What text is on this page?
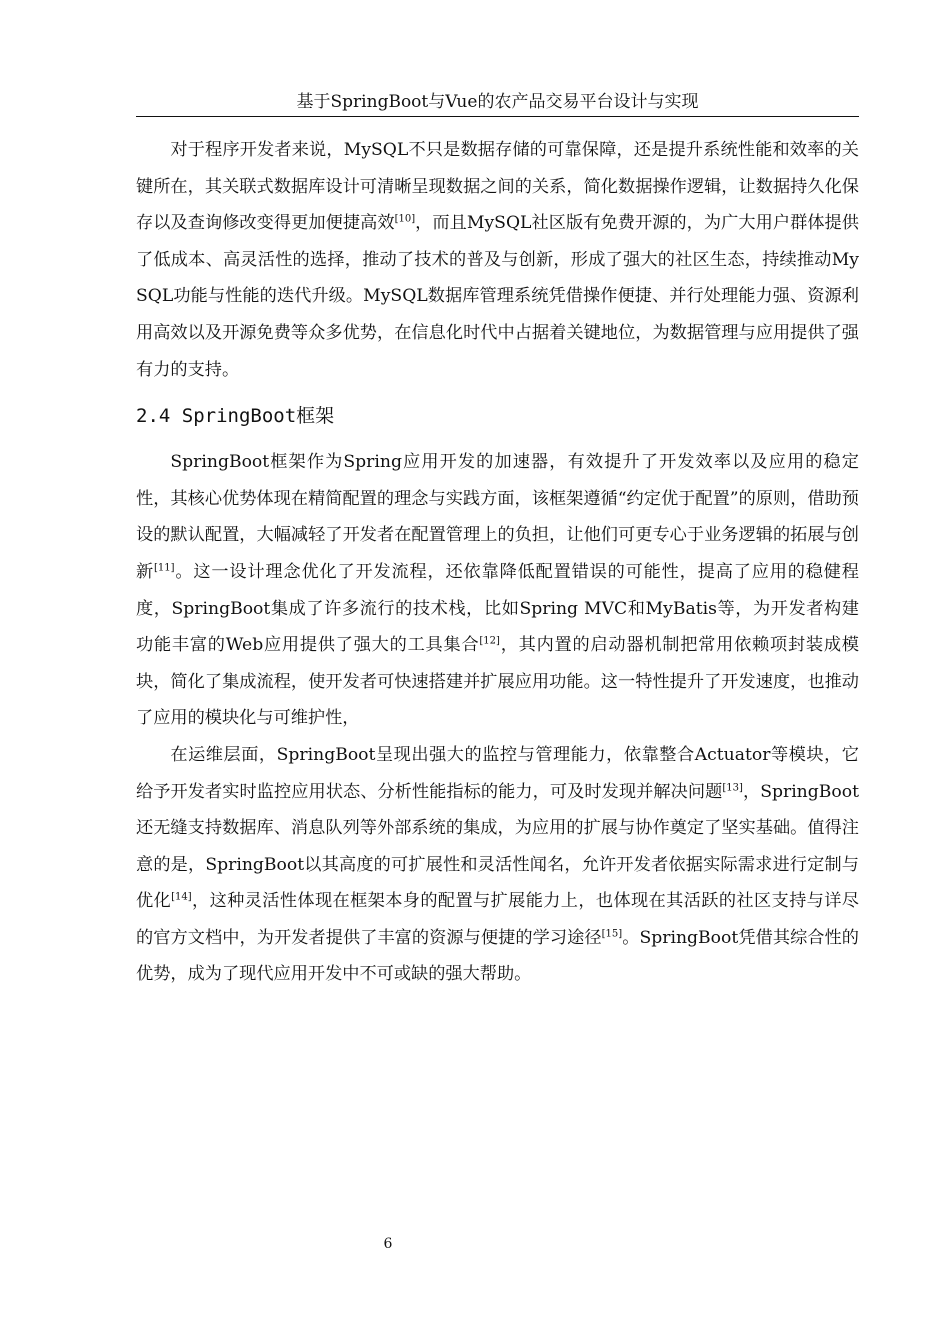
基于SpringBoot与Vue的农产品交易平台设计与实现

对于程序开发者来说，MySQL不只是数据存储的可靠保障，还是提升系统性能和效率的关键所在，其关联式数据库设计可清晰呈现数据之间的关系，简化数据操作逻辑，让数据持久化保存以及查询修改变得更加便捷高效[10]，而且MySQL社区版有免费开源的，为广大用户群体提供了低成本、高灵活性的选择，推动了技术的普及与创新，形成了强大的社区生态，持续推动MySQL功能与性能的迭代升级。MySQL数据库管理系统凭借操作便捷、并行处理能力强、资源利用高效以及开源免费等众多优势，在信息化时代中占据着关键地位，为数据管理与应用提供了强有力的支持。

2.4 SpringBoot框架

SpringBoot框架作为Spring应用开发的加速器，有效提升了开发效率以及应用的稳定性，其核心优势体现在精简配置的理念与实践方面，该框架遵循“约定优于配置”的原则，借助预设的默认配置，大幅减轻了开发者在配置管理上的负担，让他们可更专心于业务逻辑的拓展与创新[11]。这一设计理念优化了开发流程，还依靠降低配置错误的可能性，提高了应用的稳健程度，SpringBoot集成了许多流行的技术栈，比如Spring MVC和MyBatis等，为开发者构建功能丰富的Web应用提供了强大的工具集合[12]，其内置的启动器机制把常用依赖项封装成模块，简化了集成流程，使开发者可快速搭建并扩展应用功能。这一特性提升了开发速度，也推动了应用的模块化与可维护性，

在运维层面，SpringBoot呈现出强大的监控与管理能力，依靠整合Actuator等模块，它给予开发者实时监控应用状态、分析性能指标的能力，可及时发现并解决问题[13]，SpringBoot还无缝支持数据库、消息队列等外部系统的集成，为应用的扩展与协作奠定了坚实基础。值得注意的是，SpringBoot以其高度的可扩展性和灵活性闻名，允许开发者依据实际需求进行定制与优化[14]，这种灵活性体现在框架本身的配置与扩展能力上，也体现在其活跃的社区支持与详尽的官方文档中，为开发者提供了丰富的资源与便捷的学习途径[15]。SpringBoot凭借其综合性的优势，成为了现代应用开发中不可或缺的强大帮助。

6
